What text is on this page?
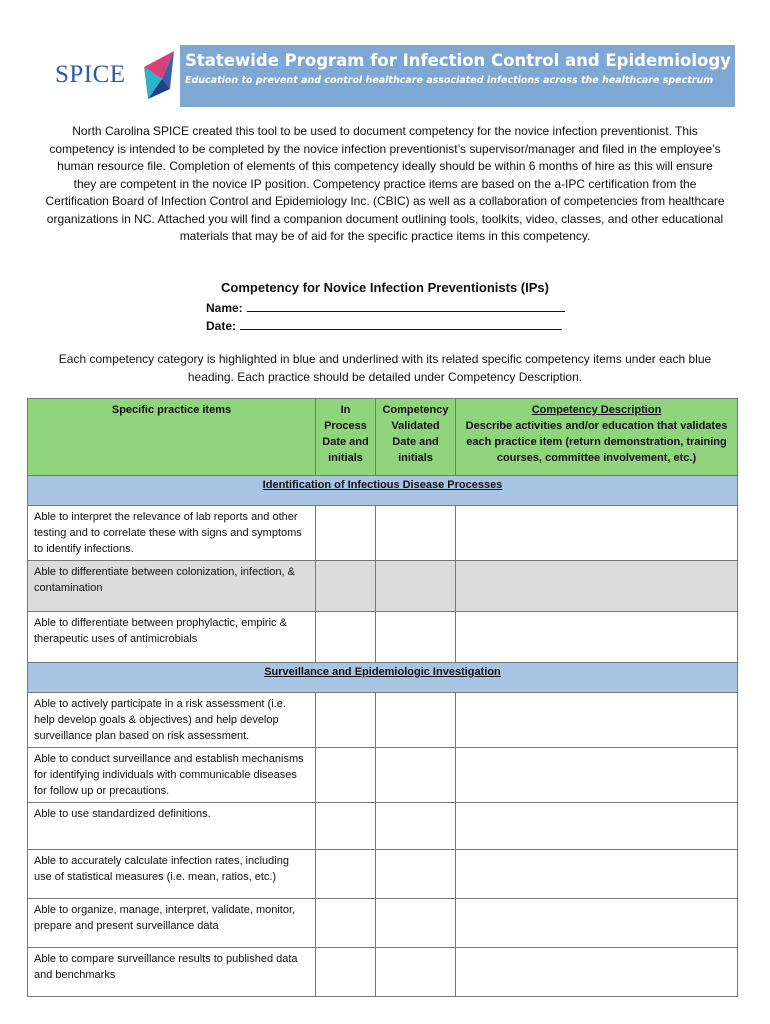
SPICE
Statewide Program for Infection Control and Epidemiology
Education to prevent and control healthcare associated infections across the healthcare spectrum
North Carolina SPICE created this tool to be used to document competency for the novice infection preventionist. This competency is intended to be completed by the novice infection preventionist’s supervisor/manager and filed in the employee’s human resource file. Completion of elements of this competency ideally should be within 6 months of hire as this will ensure they are competent in the novice IP position. Competency practice items are based on the a-IPC certification from the Certification Board of Infection Control and Epidemiology Inc. (CBIC) as well as a collaboration of competencies from healthcare organizations in NC. Attached you will find a companion document outlining tools, toolkits, video, classes, and other educational materials that may be of aid for the specific practice items in this competency.
Competency for Novice Infection Preventionists (IPs)
Name:
Date:
Each competency category is highlighted in blue and underlined with its related specific competency items under each blue heading. Each practice should be detailed under Competency Description.
Specific practice items	In Process Date and initials	Competency Validated Date and initials	Competency Description
Describe activities and/or education that validates each practice item (return demonstration, training courses, committee involvement, etc.)
Identification of Infectious Disease Processes			
Able to interpret the relevance of lab reports and other testing and to correlate these with signs and symptoms to identify infections.			
Able to differentiate between colonization, infection, & contamination			
Able to differentiate between prophylactic, empiric & therapeutic uses of antimicrobials			
Surveillance and Epidemiologic Investigation			
Able to actively participate in a risk assessment (i.e. help develop goals & objectives) and help develop surveillance plan based on risk assessment.			
Able to conduct surveillance and establish mechanisms for identifying individuals with communicable diseases for follow up or precautions.			
Able to use standardized definitions.			
Able to accurately calculate infection rates, including use of statistical measures (i.e. mean, ratios, etc.)			
Able to organize, manage, interpret, validate, monitor, prepare and present surveillance data			
Able to compare surveillance results to published data and benchmarks			
